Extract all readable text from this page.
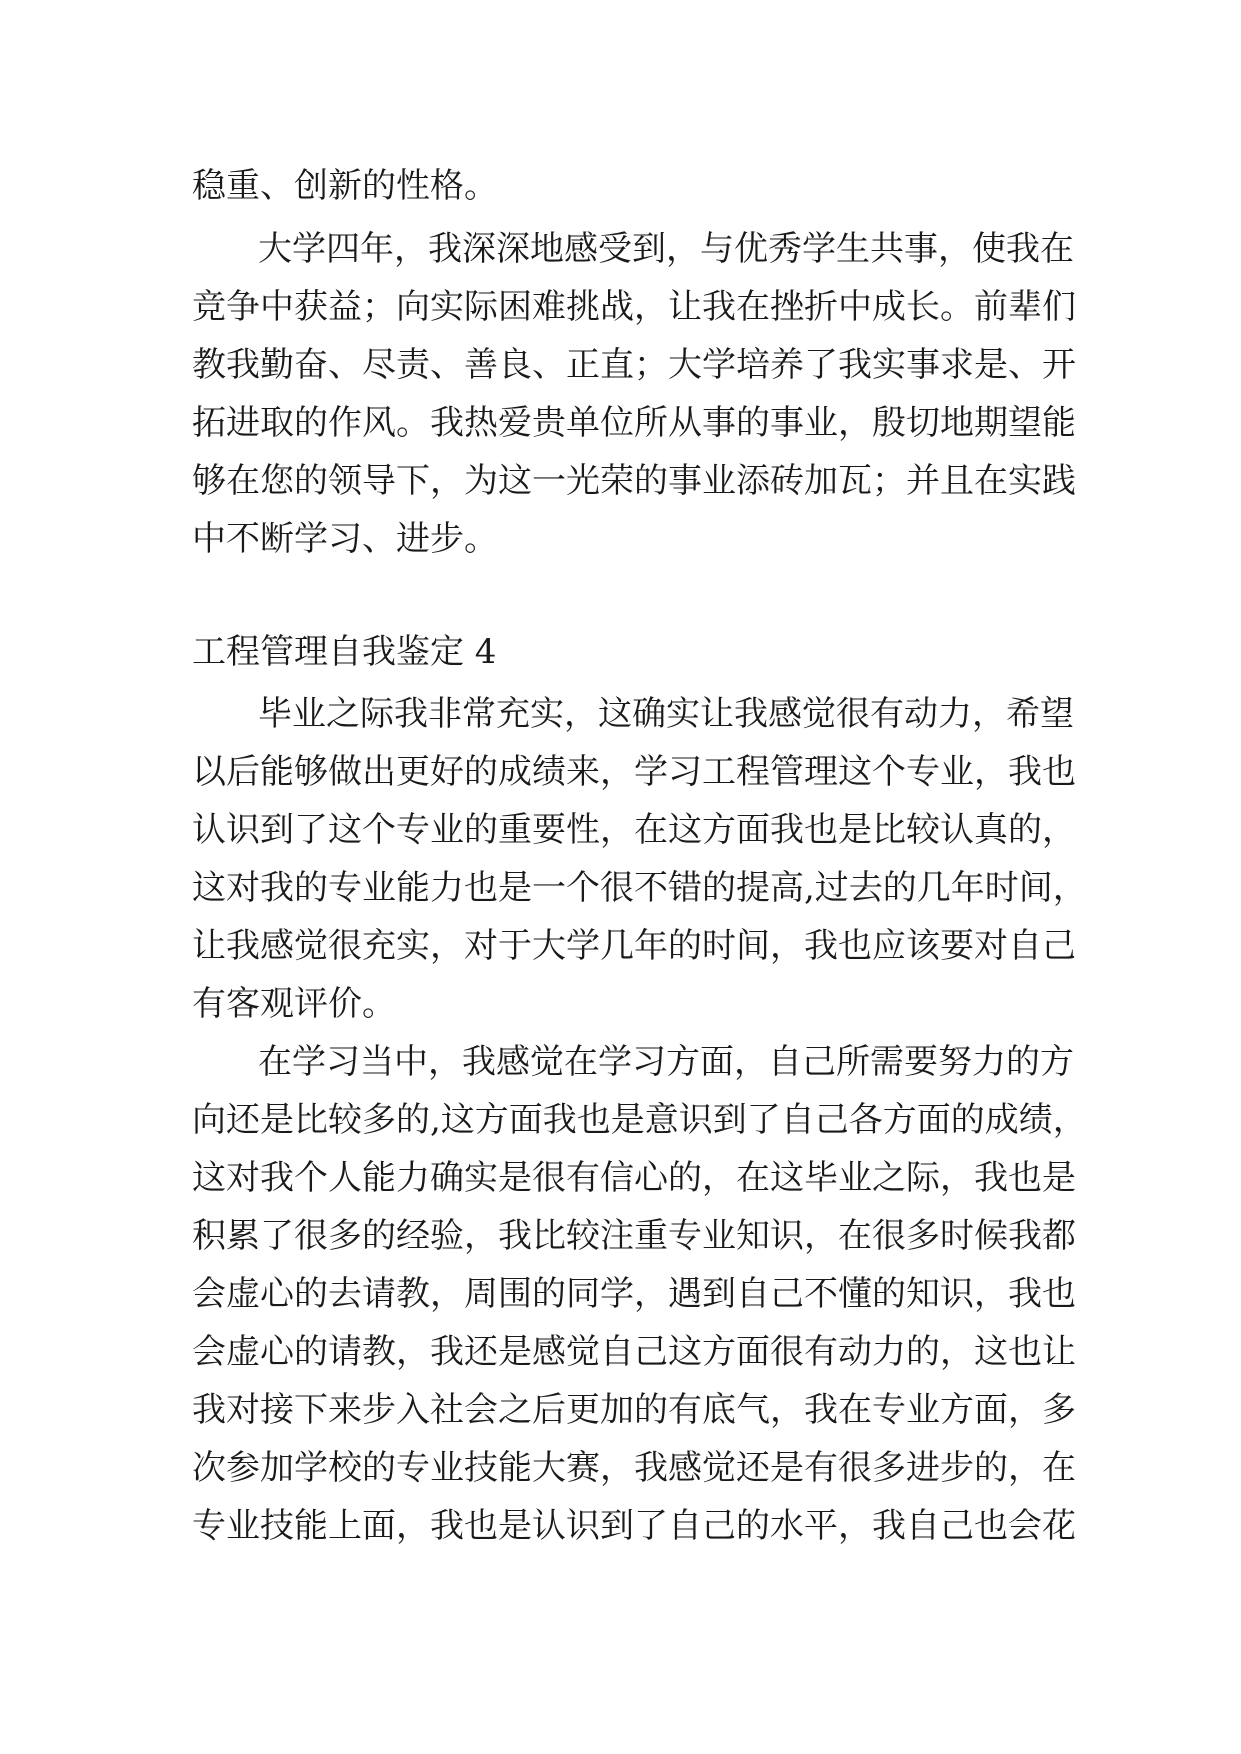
稳重、创新的性格。
大学四年，我深深地感受到，与优秀学生共事，使我在
竞争中获益；向实际困难挑战，让我在挫折中成长。前辈们
教我勤奋、尽责、善良、正直；大学培养了我实事求是、开
拓进取的作风。我热爱贵单位所从事的事业，殷切地期望能
够在您的领导下，为这一光荣的事业添砖加瓦；并且在实践
中不断学习、进步。
工程管理自我鉴定 4
毕业之际我非常充实，这确实让我感觉很有动力，希望
以后能够做出更好的成绩来，学习工程管理这个专业，我也
认识到了这个专业的重要性，在这方面我也是比较认真的，
这对我的专业能力也是一个很不错的提高,过去的几年时间，
让我感觉很充实，对于大学几年的时间，我也应该要对自己
有客观评价。
在学习当中，我感觉在学习方面，自己所需要努力的方
向还是比较多的,这方面我也是意识到了自己各方面的成绩，
这对我个人能力确实是很有信心的，在这毕业之际，我也是
积累了很多的经验，我比较注重专业知识，在很多时候我都
会虚心的去请教，周围的同学，遇到自己不懂的知识，我也
会虚心的请教，我还是感觉自己这方面很有动力的，这也让
我对接下来步入社会之后更加的有底气，我在专业方面，多
次参加学校的专业技能大赛，我感觉还是有很多进步的，在
专业技能上面，我也是认识到了自己的水平，我自己也会花
